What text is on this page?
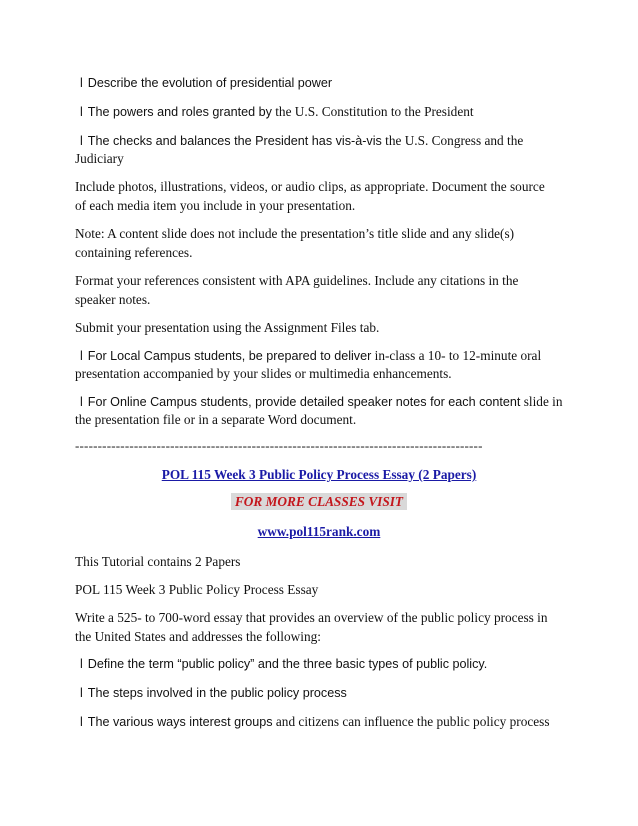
l Describe the evolution of presidential power
l The powers and roles granted by the U.S. Constitution to the President
l The checks and balances the President has vis-à-vis the U.S. Congress and the
Judiciary
Include photos, illustrations, videos, or audio clips, as appropriate. Document the source
of each media item you include in your presentation.
Note: A content slide does not include the presentation’s title slide and any slide(s)
containing references.
Format your references consistent with APA guidelines. Include any citations in the
speaker notes.
Submit your presentation using the Assignment Files tab.
l For Local Campus students, be prepared to deliver in-class a 10- to 12-minute oral
presentation accompanied by your slides or multimedia enhancements.
l For Online Campus students, provide detailed speaker notes for each content slide in
the presentation file or in a separate Word document.
------------------------------------------------------------------------------------------
POL 115 Week 3 Public Policy Process Essay (2 Papers)
FOR MORE CLASSES VISIT
www.pol115rank.com
This Tutorial contains 2 Papers
POL 115 Week 3 Public Policy Process Essay
Write a 525- to 700-word essay that provides an overview of the public policy process in
the United States and addresses the following:
l Define the term “public policy” and the three basic types of public policy.
l The steps involved in the public policy process
l The various ways interest groups and citizens can influence the public policy process
